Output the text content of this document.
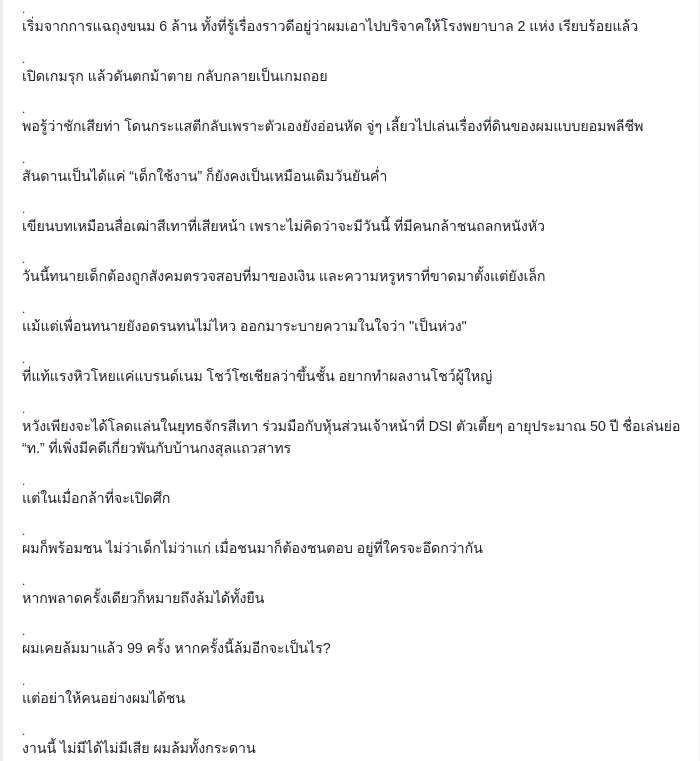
.
เริ่มจากการแฉถุงขนม 6 ล้าน ทั้งที่รู้เรื่องราวดีอยู่ว่าผมเอาไปบริจาคให้โรงพยาบาล 2 แห่ง เรียบร้อยแล้ว
.
เปิดเกมรุก แล้วดันตกม้าตาย กลับกลายเป็นเกมถอย
.
พอรู้ว่าชักเสียท่า โดนกระแสตีกลับเพราะตัวเองยังอ่อนหัด จู่ๆ เลี้ยวไปเล่นเรื่องที่ดินของผมแบบยอมพลีชีพ
.
สันดานเป็นได้แค่ “เด็กใช้งาน” ก็ยังคงเป็นเหมือนเดิมวันยันค่ำ
.
เขียนบทเหมือนสื่อเฒ่าสีเทาที่เสียหน้า เพราะไม่คิดว่าจะมีวันนี้ ที่มีคนกล้าชนถลกหนังหัว
.
วันนี้ทนายเด็กต้องถูกสังคมตรวจสอบที่มาของเงิน และความหรูหราที่ขาดมาตั้งแต่ยังเล็ก
.
แม้แต่เพื่อนทนายยังอดรนทนไม่ไหว ออกมาระบายความในใจว่า "เป็นห่วง"
.
ที่แท้แรงหิวโหยแค่แบรนด์เนม โชว์โซเชียลว่าขึ้นชั้น อยากทำผลงานโชว์ผู้ใหญ่
.
หวังเพียงจะได้โลดแล่นในยุทธจักรสีเทา ร่วมมือกับหุ้นส่วนเจ้าหน้าที่ DSI ตัวเตี้ยๆ อายุประมาณ 50 ปี ชื่อเล่นย่อ “ท.” ที่เพิ่งมีคดีเกี่ยวพันกับบ้านกงสุลแถวสาทร
.
แต่ในเมื่อกล้าที่จะเปิดศึก
.
ผมก็พร้อมชน ไม่ว่าเด็กไม่ว่าแก่ เมื่อชนมาก็ต้องชนตอบ อยู่ที่ใครจะอึดกว่ากัน
.
หากพลาดครั้งเดียวก็หมายถึงล้มได้ทั้งยืน
.
ผมเคยล้มมาแล้ว 99 ครั้ง หากครั้งนี้ล้มอีกจะเป็นไร?
.
แต่อย่าให้คนอย่างผมได้ชน
.
งานนี้ ไม่มีได้ไม่มีเสีย ผมล้มทั้งกระดาน
